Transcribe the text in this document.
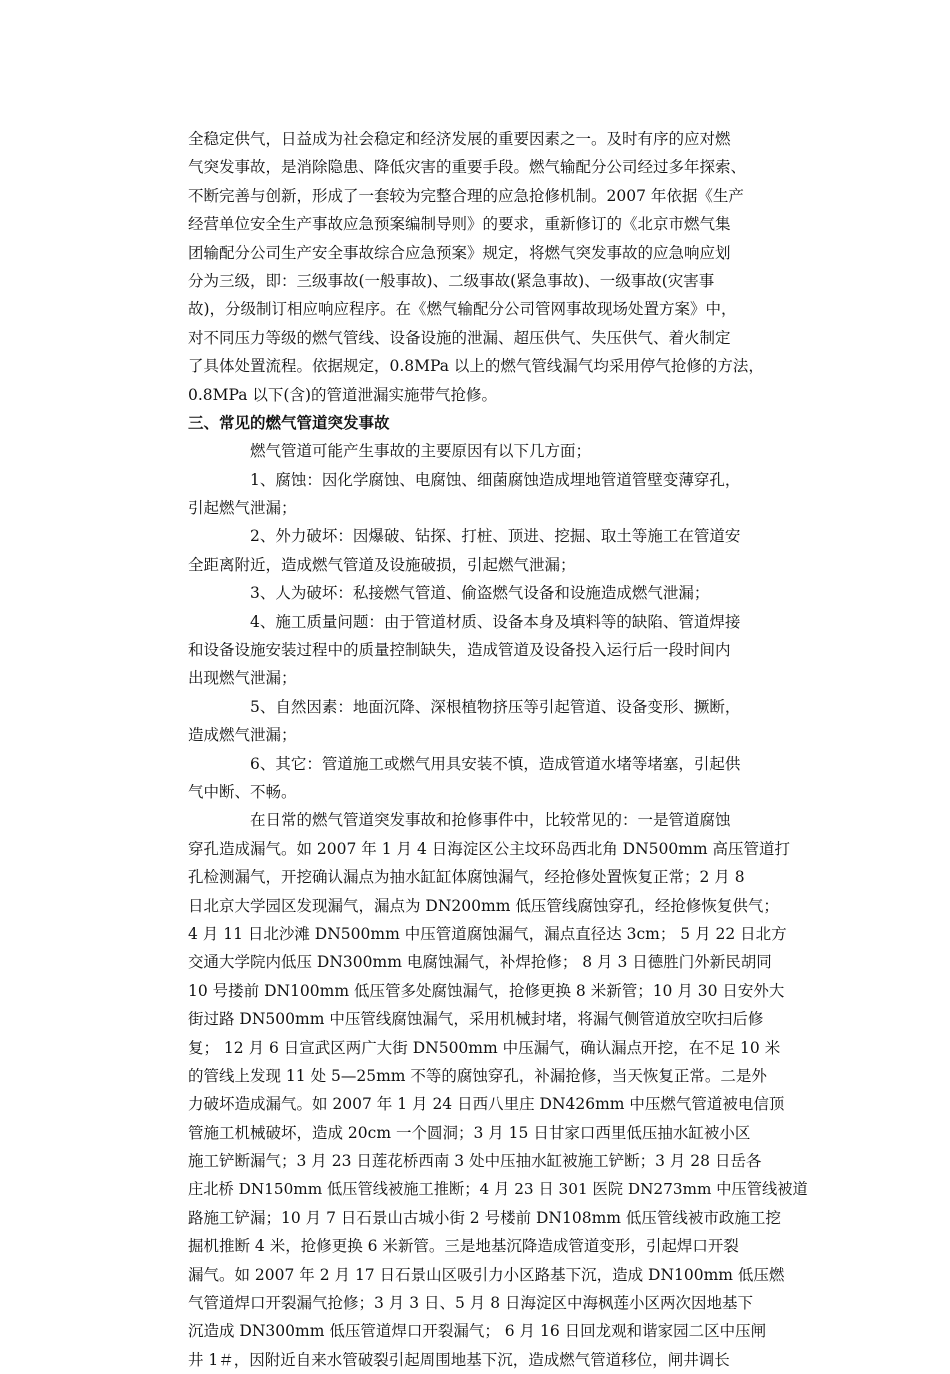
全稳定供气，日益成为社会稳定和经济发展的重要因素之一。及时有序的应对燃
气突发事故，是消除隐患、降低灾害的重要手段。燃气输配分公司经过多年探索、
不断完善与创新，形成了一套较为完整合理的应急抢修机制。2007 年依据《生产
经营单位安全生产事故应急预案编制导则》的要求，重新修订的《北京市燃气集
团输配分公司生产安全事故综合应急预案》规定，将燃气突发事故的应急响应划
分为三级，即：三级事故(一般事故)、二级事故(紧急事故)、一级事故(灾害事
故)，分级制订相应响应程序。在《燃气输配分公司管网事故现场处置方案》中，
对不同压力等级的燃气管线、设备设施的泄漏、超压供气、失压供气、着火制定
了具体处置流程。依据规定，0.8MPa 以上的燃气管线漏气均采用停气抢修的方法，
0.8MPa 以下(含)的管道泄漏实施带气抢修。
三、常见的燃气管道突发事故
燃气管道可能产生事故的主要原因有以下几方面；
1、腐蚀：因化学腐蚀、电腐蚀、细菌腐蚀造成埋地管道管壁变薄穿孔，
引起燃气泄漏；
2、外力破坏：因爆破、钻探、打桩、顶进、挖掘、取土等施工在管道安
全距离附近，造成燃气管道及设施破损，引起燃气泄漏；
3、人为破坏：私接燃气管道、偷盗燃气设备和设施造成燃气泄漏；
4、施工质量问题：由于管道材质、设备本身及填料等的缺陷、管道焊接
和设备设施安装过程中的质量控制缺失，造成管道及设备投入运行后一段时间内
出现燃气泄漏；
5、自然因素：地面沉降、深根植物挤压等引起管道、设备变形、撅断，
造成燃气泄漏；
6、其它：管道施工或燃气用具安装不慎，造成管道水堵等堵塞，引起供
气中断、不畅。
在日常的燃气管道突发事故和抢修事件中，比较常见的：一是管道腐蚀
穿孔造成漏气。如 2007 年 1 月 4 日海淀区公主坟环岛西北角 DN500mm 高压管道打
孔检测漏气，开挖确认漏点为抽水缸缸体腐蚀漏气，经抢修处置恢复正常；2 月 8
日北京大学园区发现漏气，漏点为 DN200mm 低压管线腐蚀穿孔，经抢修恢复供气；
4 月 11 日北沙滩 DN500mm 中压管道腐蚀漏气，漏点直径达 3cm； 5 月 22 日北方
交通大学院内低压 DN300mm 电腐蚀漏气，补焊抢修； 8 月 3 日德胜门外新民胡同
10 号搂前 DN100mm 低压管多处腐蚀漏气，抢修更换 8 米新管；10 月 30 日安外大
街过路 DN500mm 中压管线腐蚀漏气，采用机械封堵，将漏气侧管道放空吹扫后修
复； 12 月 6 日宣武区两广大街 DN500mm 中压漏气，确认漏点开挖，在不足 10 米
的管线上发现 11 处 5—25mm 不等的腐蚀穿孔，补漏抢修，当天恢复正常。二是外
力破坏造成漏气。如 2007 年 1 月 24 日西八里庄 DN426mm 中压燃气管道被电信顶
管施工机械破坏，造成 20cm 一个圆洞；3 月 15 日甘家口西里低压抽水缸被小区
施工铲断漏气；3 月 23 日莲花桥西南 3 处中压抽水缸被施工铲断；3 月 28 日岳各
庄北桥 DN150mm 低压管线被施工推断；4 月 23 日 301 医院 DN273mm 中压管线被道
路施工铲漏；10 月 7 日石景山古城小街 2 号楼前 DN108mm 低压管线被市政施工挖
掘机推断 4 米，抢修更换 6 米新管。三是地基沉降造成管道变形，引起焊口开裂
漏气。如 2007 年 2 月 17 日石景山区吸引力小区路基下沉，造成 DN100mm 低压燃
气管道焊口开裂漏气抢修；3 月 3 日、5 月 8 日海淀区中海枫莲小区两次因地基下
沉造成 DN300mm 低压管道焊口开裂漏气； 6 月 16 日回龙观和谐家园二区中压闸
井 1＃，因附近自来水管破裂引起周围地基下沉，造成燃气管道移位，闸井调长
